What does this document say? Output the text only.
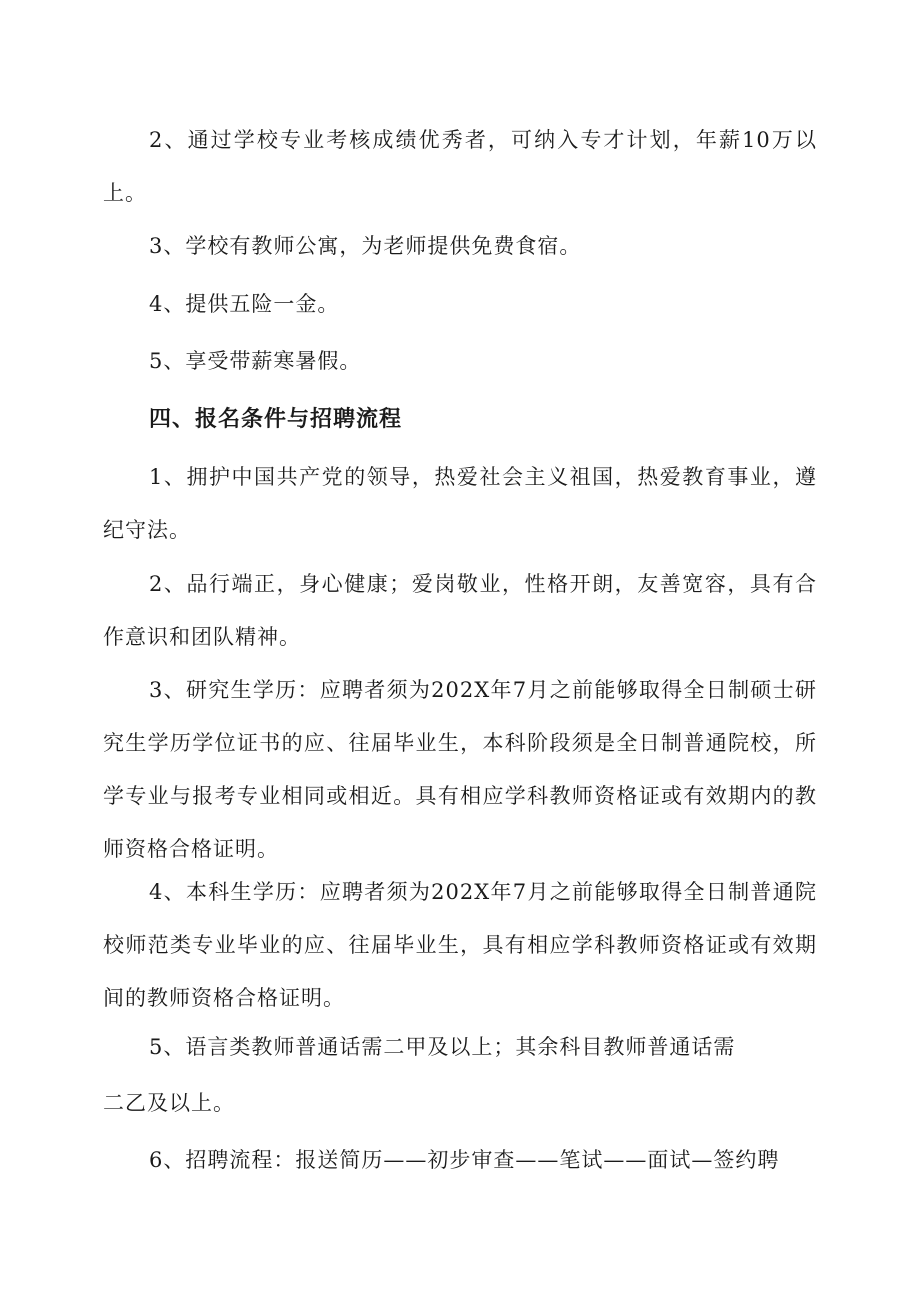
2、通过学校专业考核成绩优秀者，可纳入专才计划，年薪10万以上。

3、学校有教师公寓，为老师提供免费食宿。

4、提供五险一金。

5、享受带薪寒暑假。

四、报名条件与招聘流程

1、拥护中国共产党的领导，热爱社会主义祖国，热爱教育事业，遵纪守法。

2、品行端正，身心健康；爱岗敬业，性格开朗，友善宽容，具有合作意识和团队精神。

3、研究生学历：应聘者须为202X年7月之前能够取得全日制硕士研究生学历学位证书的应、往届毕业生，本科阶段须是全日制普通院校，所学专业与报考专业相同或相近。具有相应学科教师资格证或有效期内的教师资格合格证明。

4、本科生学历：应聘者须为202X年7月之前能够取得全日制普通院校师范类专业毕业的应、往届毕业生，具有相应学科教师资格证或有效期间的教师资格合格证明。

5、语言类教师普通话需二甲及以上；其余科目教师普通话需

二乙及以上。

6、招聘流程：报送简历——初步审查——笔试——面试—签约聘
